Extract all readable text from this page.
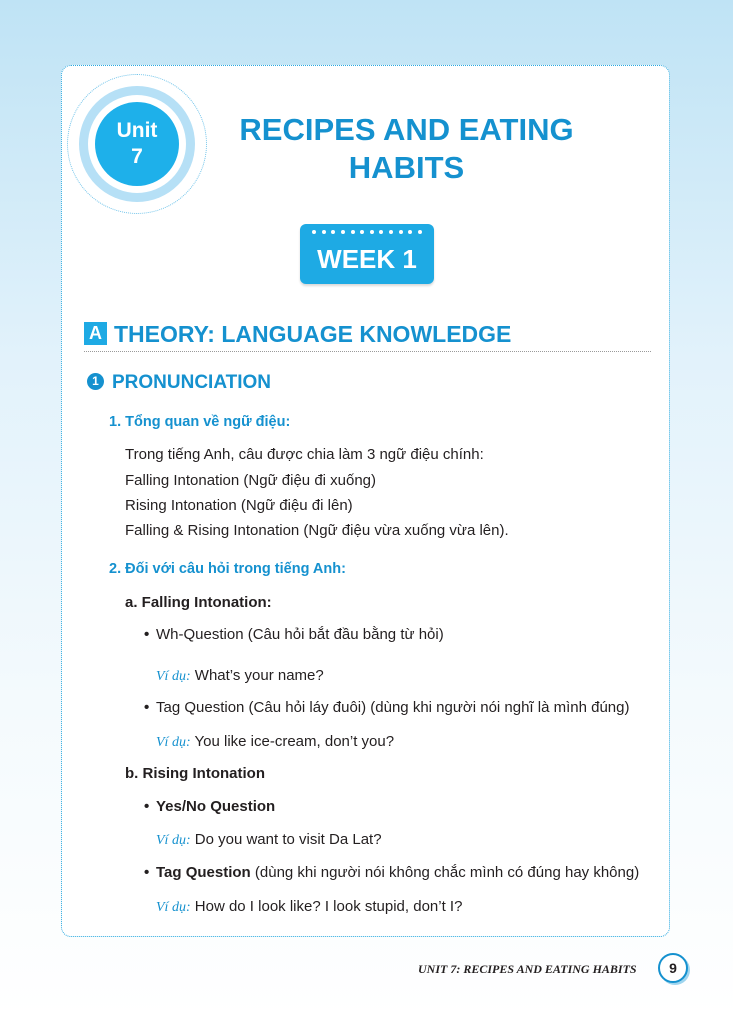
Unit
7
RECIPES AND EATING
HABITS
WEEK 1
A THEORY: LANGUAGE KNOWLEDGE
1 PRONUNCIATION
1. Tổng quan về ngữ điệu:
Trong tiếng Anh, câu được chia làm 3 ngữ điệu chính:
Falling Intonation (Ngữ điệu đi xuống)
Rising Intonation (Ngữ điệu đi lên)
Falling & Rising Intonation (Ngữ điệu vừa xuống vừa lên).
2. Đối với câu hỏi trong tiếng Anh:
a. Falling Intonation:
• Wh-Question (Câu hỏi bắt đầu bằng từ hỏi)
Ví dụ: What’s your name?
• Tag Question (Câu hỏi láy đuôi) (dùng khi người nói nghĩ là mình đúng)
Ví dụ: You like ice-cream, don’t you?
b. Rising Intonation
• Yes/No Question
Ví dụ: Do you want to visit Da Lat?
• Tag Question (dùng khi người nói không chắc mình có đúng hay không)
Ví dụ: How do I look like? I look stupid, don’t I?
UNIT 7: RECIPES AND EATING HABITS	9
